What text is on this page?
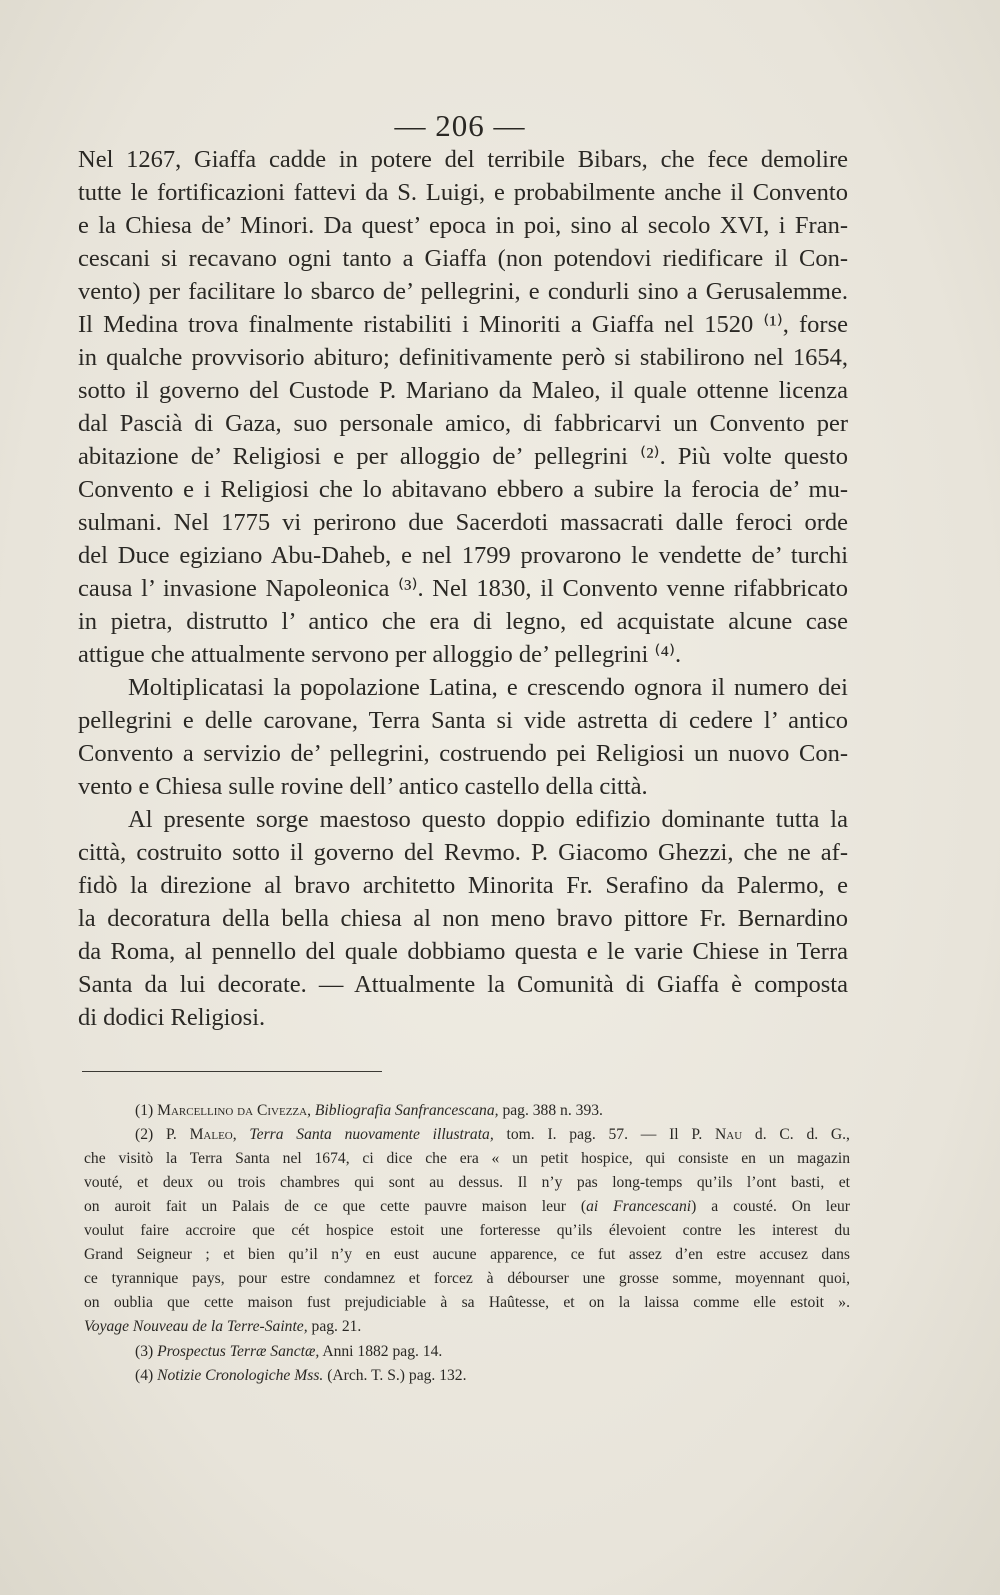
— 206 —
Nel 1267, Giaffa cadde in potere del terribile Bibars, che fece demolire
tutte le fortificazioni fattevi da S. Luigi, e probabilmente anche il Convento
e la Chiesa de’ Minori. Da quest’ epoca in poi, sino al secolo XVI, i Fran-
cescani si recavano ogni tanto a Giaffa (non potendovi riedificare il Con-
vento) per facilitare lo sbarco de’ pellegrini, e condurli sino a Gerusalemme.
Il Medina trova finalmente ristabiliti i Minoriti a Giaffa nel 1520 ⁽¹⁾, forse
in qualche provvisorio abituro; definitivamente però si stabilirono nel 1654,
sotto il governo del Custode P. Mariano da Maleo, il quale ottenne licenza
dal Pascià di Gaza, suo personale amico, di fabbricarvi un Convento per
abitazione de’ Religiosi e per alloggio de’ pellegrini ⁽²⁾. Più volte questo
Convento e i Religiosi che lo abitavano ebbero a subire la ferocia de’ mu-
sulmani. Nel 1775 vi perirono due Sacerdoti massacrati dalle feroci orde
del Duce egiziano Abu-Daheb, e nel 1799 provarono le vendette de’ turchi
causa l’ invasione Napoleonica ⁽³⁾. Nel 1830, il Convento venne rifabbricato
in pietra, distrutto l’ antico che era di legno, ed acquistate alcune case
attigue che attualmente servono per alloggio de’ pellegrini ⁽⁴⁾.
Moltiplicatasi la popolazione Latina, e crescendo ognora il numero dei
pellegrini e delle carovane, Terra Santa si vide astretta di cedere l’ antico
Convento a servizio de’ pellegrini, costruendo pei Religiosi un nuovo Con-
vento e Chiesa sulle rovine dell’ antico castello della città.
Al presente sorge maestoso questo doppio edifizio dominante tutta la
città, costruito sotto il governo del Revmo. P. Giacomo Ghezzi, che ne af-
fidò la direzione al bravo architetto Minorita Fr. Serafino da Palermo, e
la decoratura della bella chiesa al non meno bravo pittore Fr. Bernardino
da Roma, al pennello del quale dobbiamo questa e le varie Chiese in Terra
Santa da lui decorate. — Attualmente la Comunità di Giaffa è composta
di dodici Religiosi.
(1) Marcellino da Civezza, Bibliografia Sanfrancescana, pag. 388 n. 393.
(2) P. Maleo, Terra Santa nuovamente illustrata, tom. I. pag. 57. — Il P. Nau d. C. d. G.,
che visitò la Terra Santa nel 1674, ci dice che era « un petit hospice, qui consiste en un magazin
vouté, et deux ou trois chambres qui sont au dessus. Il n’y pas long-temps qu’ils l’ont basti, et
on auroit fait un Palais de ce que cette pauvre maison leur (ai Francescani) a cousté. On leur
voulut faire accroire que cét hospice estoit une forteresse qu’ils élevoient contre les interest du
Grand Seigneur ; et bien qu’il n’y en eust aucune apparence, ce fut assez d’en estre accusez dans
ce tyrannique pays, pour estre condamnez et forcez à débourser une grosse somme, moyennant quoi,
on oublia que cette maison fust prejudiciable à sa Haûtesse, et on la laissa comme elle estoit ».
Voyage Nouveau de la Terre-Sainte, pag. 21.
(3) Prospectus Terræ Sanctæ, Anni 1882 pag. 14.
(4) Notizie Cronologiche Mss. (Arch. T. S.) pag. 132.
